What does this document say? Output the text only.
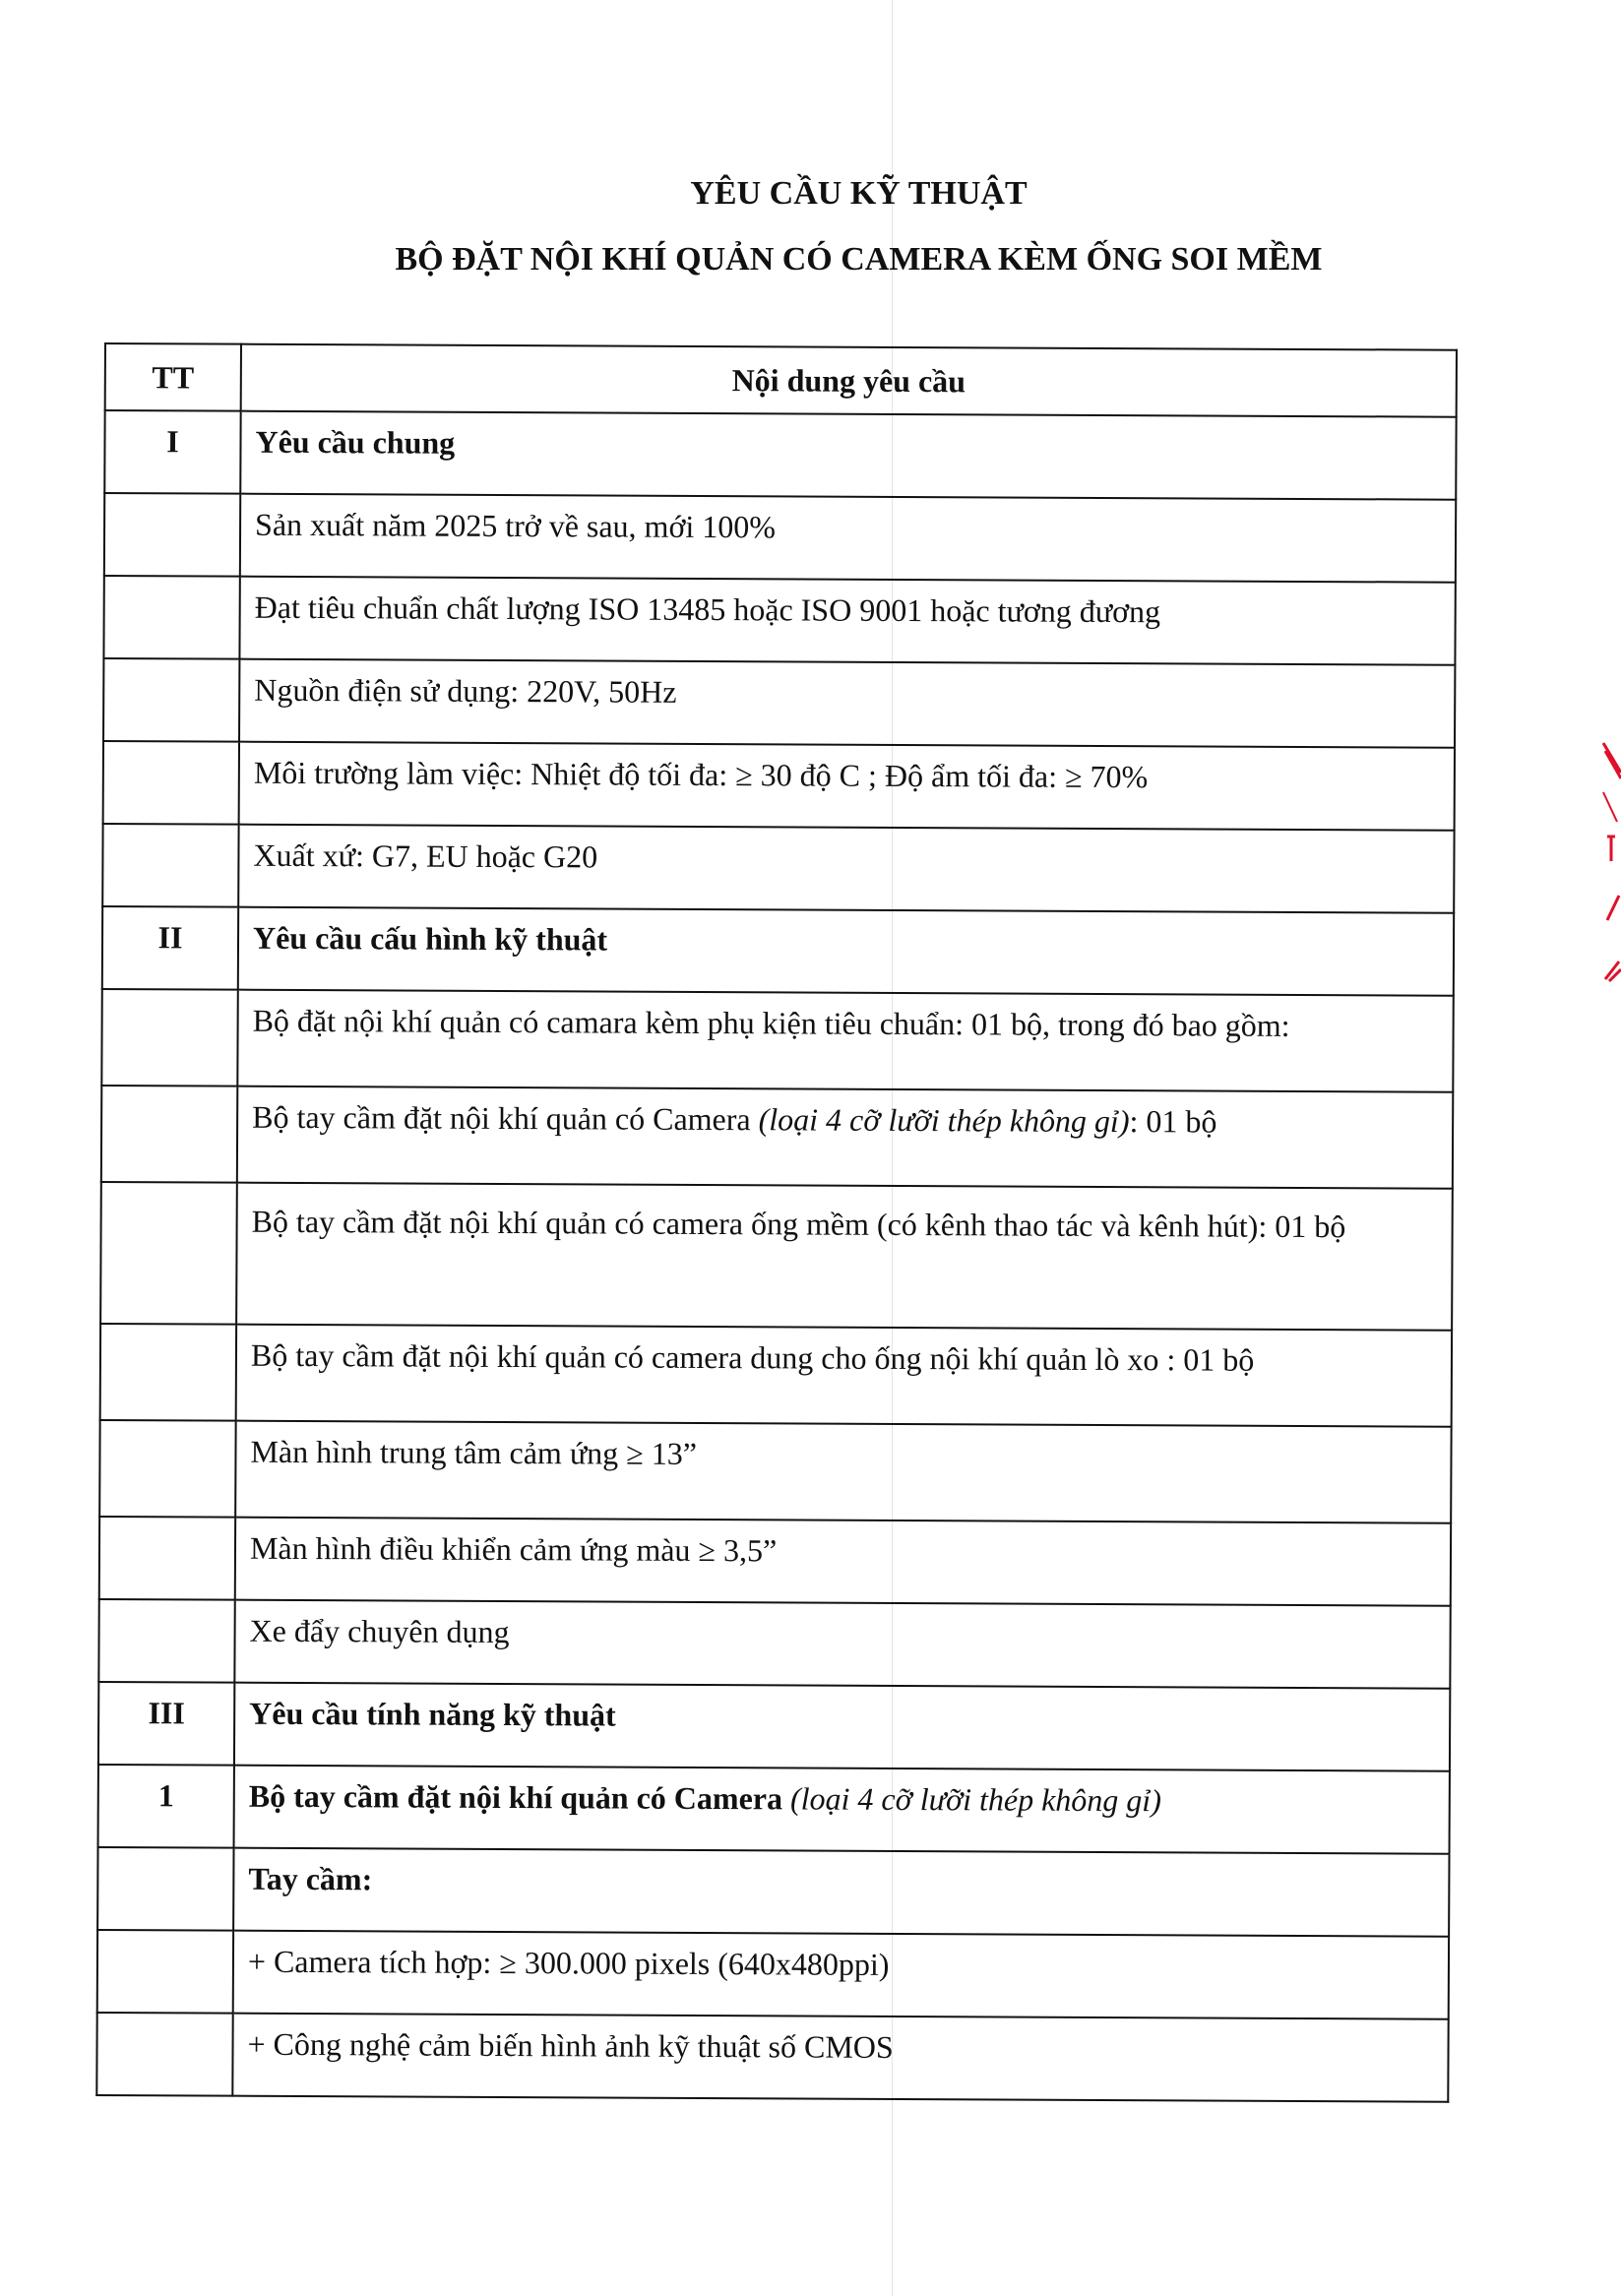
YÊU CẦU KỸ THUẬT
BỘ ĐẶT NỘI KHÍ QUẢN CÓ CAMERA KÈM ỐNG SOI MỀM
TT	Nội dung yêu cầu
I	Yêu cầu chung
	Sản xuất năm 2025 trở về sau, mới 100%
	Đạt tiêu chuẩn chất lượng ISO 13485 hoặc ISO 9001 hoặc tương đương
	Nguồn điện sử dụng: 220V, 50Hz
	Môi trường làm việc: Nhiệt độ tối đa: ≥ 30 độ C ; Độ ẩm tối đa: ≥ 70%
	Xuất xứ: G7, EU hoặc G20
II	Yêu cầu cấu hình kỹ thuật
	Bộ đặt nội khí quản có camara kèm phụ kiện tiêu chuẩn: 01 bộ, trong đó bao gồm:
	Bộ tay cầm đặt nội khí quản có Camera (loại 4 cỡ lưỡi thép không gỉ): 01 bộ
	Bộ tay cầm đặt nội khí quản có camera ống mềm (có kênh thao tác và kênh hút): 01 bộ
	Bộ tay cầm đặt nội khí quản có camera dung cho ống nội khí quản lò xo : 01 bộ
	Màn hình trung tâm cảm ứng ≥ 13”
	Màn hình điều khiển cảm ứng màu ≥ 3,5”
	Xe đẩy chuyên dụng
III	Yêu cầu tính năng kỹ thuật
1	Bộ tay cầm đặt nội khí quản có Camera (loại 4 cỡ lưỡi thép không gỉ)
	Tay cầm:
	+ Camera tích hợp: ≥ 300.000 pixels (640x480ppi)
	+ Công nghệ cảm biến hình ảnh kỹ thuật số CMOS
